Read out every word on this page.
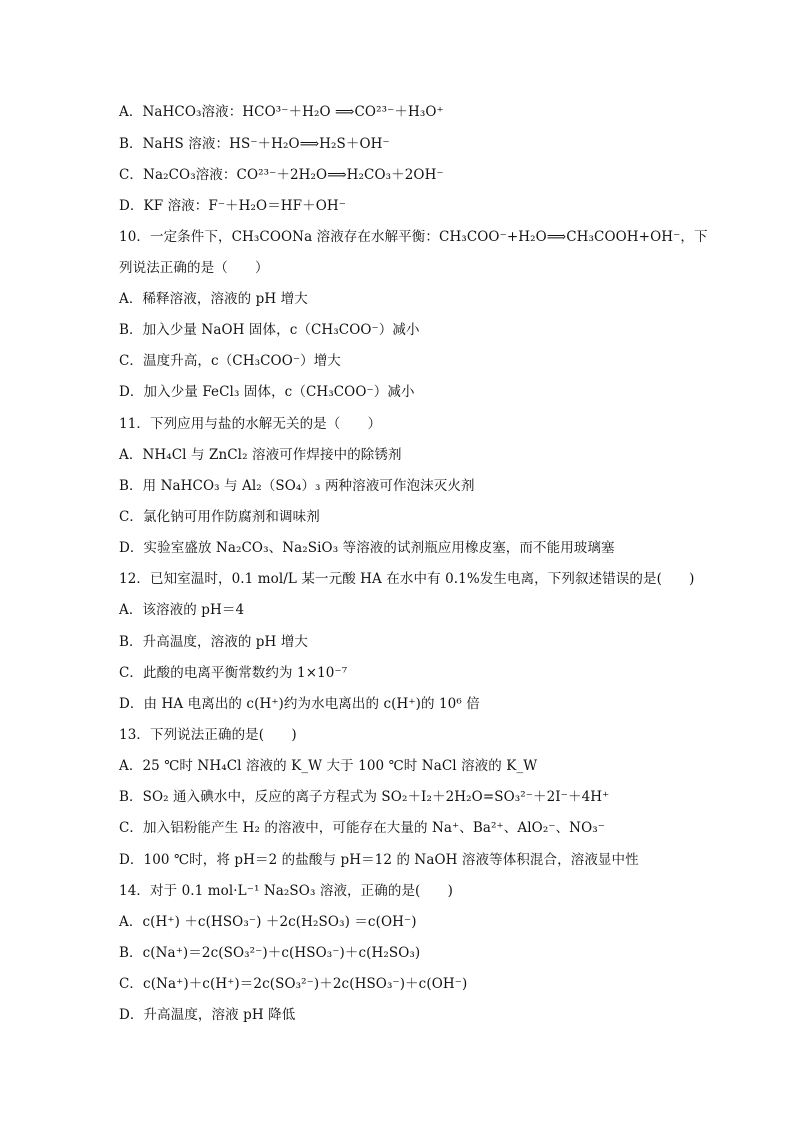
A．NaHCO₃溶液：HCO³⁻＋H₂O ⟹CO²³⁻＋H₃O⁺
B．NaHS 溶液：HS⁻＋H₂O⟹H₂S＋OH⁻
C．Na₂CO₃溶液：CO²³⁻＋2H₂O⟹H₂CO₃＋2OH⁻
D．KF 溶液：F⁻＋H₂O＝HF＋OH⁻
10．一定条件下，CH₃COONa 溶液存在水解平衡：CH₃COO⁻+H₂O⟹CH₃COOH+OH⁻，下
列说法正确的是（　　）
A．稀释溶液，溶液的 pH 增大
B．加入少量 NaOH 固体，c（CH₃COO⁻）减小
C．温度升高，c（CH₃COO⁻）增大
D．加入少量 FeCl₃ 固体，c（CH₃COO⁻）减小
11．下列应用与盐的水解无关的是（　　）
A．NH₄Cl 与 ZnCl₂ 溶液可作焊接中的除锈剂
B．用 NaHCO₃ 与 Al₂（SO₄）₃ 两种溶液可作泡沫灭火剂
C．氯化钠可用作防腐剂和调味剂
D．实验室盛放 Na₂CO₃、Na₂SiO₃ 等溶液的试剂瓶应用橡皮塞，而不能用玻璃塞
12．已知室温时，0.1 mol/L 某一元酸 HA 在水中有 0.1%发生电离，下列叙述错误的是(　　)
A．该溶液的 pH＝4
B．升高温度，溶液的 pH 增大
C．此酸的电离平衡常数约为 1×10⁻⁷
D．由 HA 电离出的 c(H⁺)约为水电离出的 c(H⁺)的 10⁶ 倍
13．下列说法正确的是(　　)
A．25 ℃时 NH₄Cl 溶液的 K_W 大于 100 ℃时 NaCl 溶液的 K_W
B．SO₂ 通入碘水中，反应的离子方程式为 SO₂＋I₂＋2H₂O=SO₃²⁻＋2I⁻＋4H⁺
C．加入铝粉能产生 H₂ 的溶液中，可能存在大量的 Na⁺、Ba²⁺、AlO₂⁻、NO₃⁻
D．100 ℃时，将 pH＝2 的盐酸与 pH＝12 的 NaOH 溶液等体积混合，溶液显中性
14．对于 0.1 mol·L⁻¹ Na₂SO₃ 溶液，正确的是(　　)
A．c(H⁺) ＋c(HSO₃⁻) ＋2c(H₂SO₃) ＝c(OH⁻)
B．c(Na⁺)＝2c(SO₃²⁻)＋c(HSO₃⁻)＋c(H₂SO₃)
C．c(Na⁺)＋c(H⁺)＝2c(SO₃²⁻)＋2c(HSO₃⁻)＋c(OH⁻)
D．升高温度，溶液 pH 降低
